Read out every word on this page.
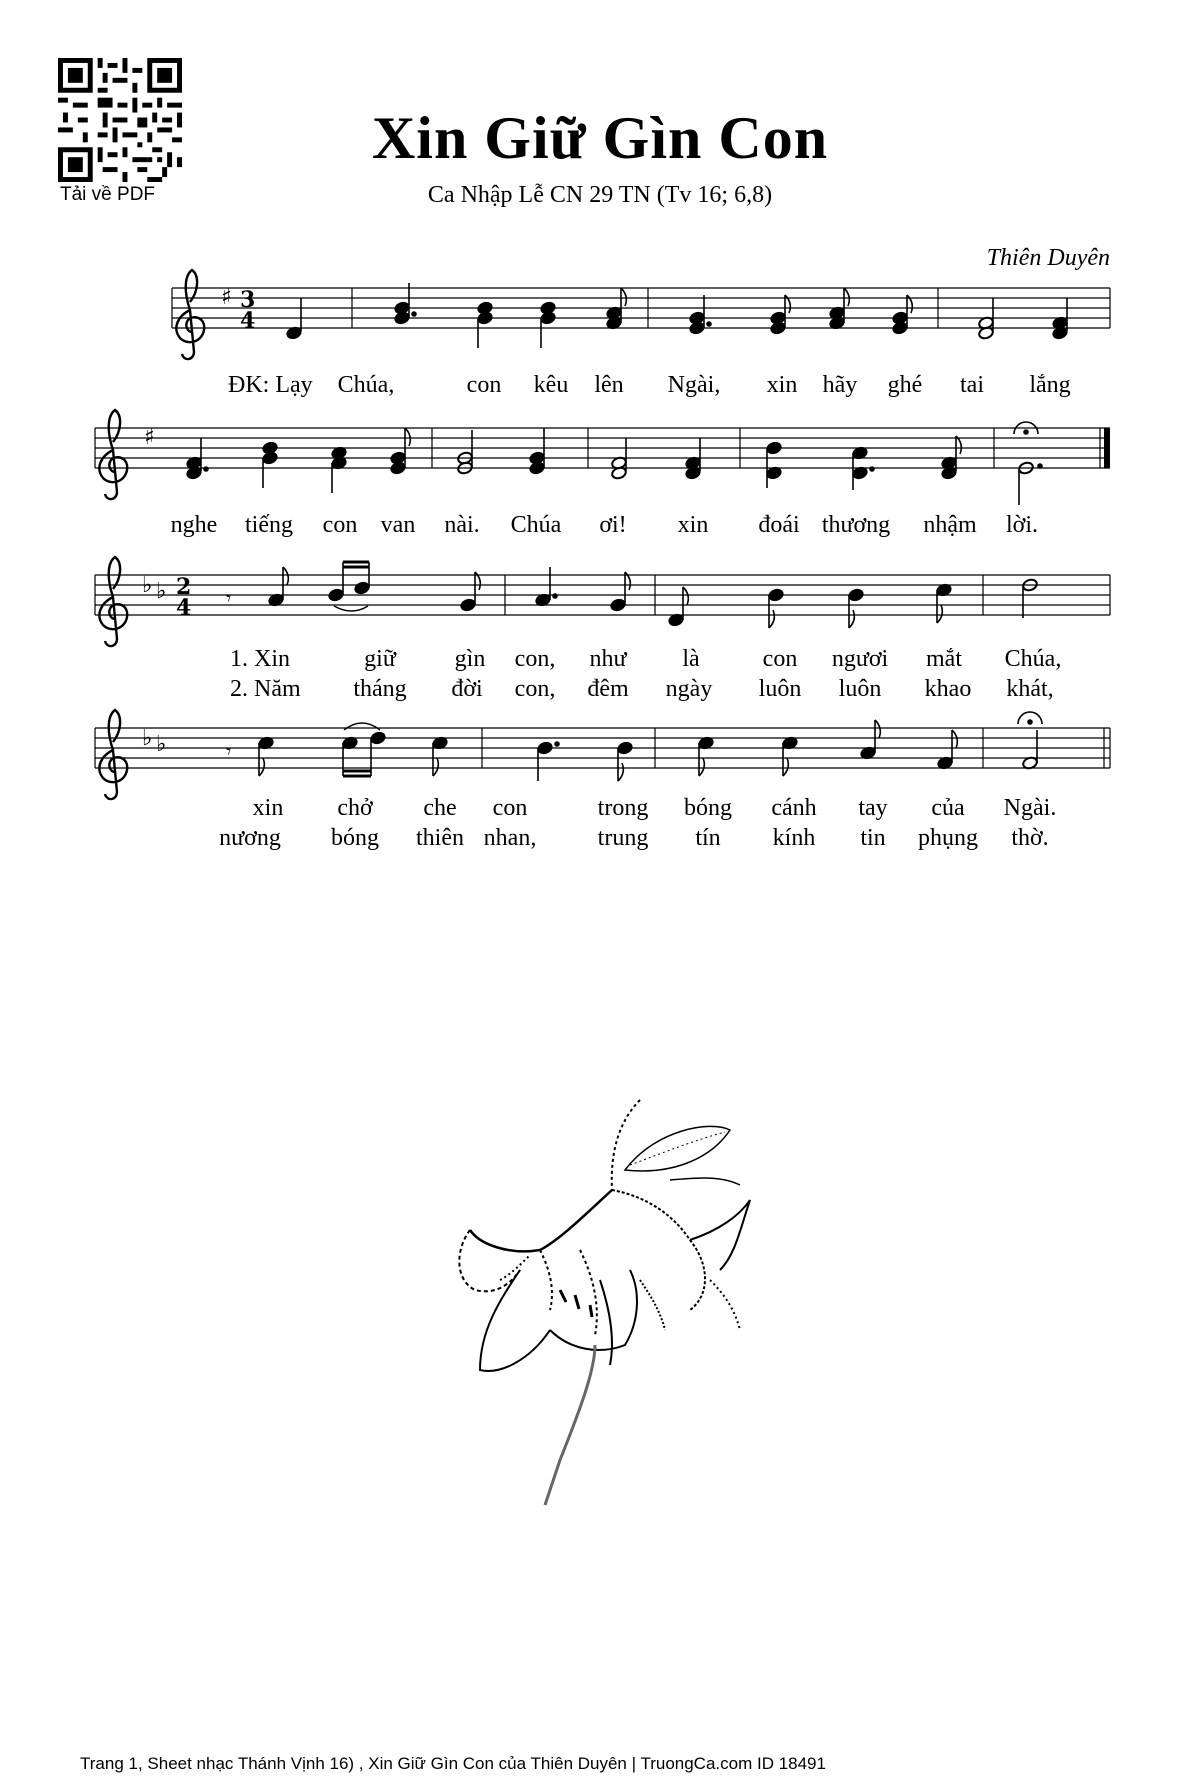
Tải về PDF
Xin Giữ Gìn Con
Ca Nhập Lễ CN 29 TN (Tv 16; 6,8)
Thiên Duyên
♯ 3
4
♯
♭ ♭ 2
4 𝄾
♭ ♭	𝄾
ĐK: Lạy Chúa,	con kêu lên Ngài, xin hãy ghé tai lắng
nghe tiếng con van nài. Chúa ơi! xin đoái thương nhậm lời.
1. Xin	giữ gìn con, như là	con ngươi mắt Chúa,
2. Năm tháng đời con, đêm ngày luôn luôn khao khát,
xin chở che con	trong bóng cánh tay của Ngài.
nương bóng thiên nhan,	trung tín kính tin phụng thờ.
Trang 1, Sheet nhạc Thánh Vịnh 16) , Xin Giữ Gìn Con của Thiên Duyên | TruongCa.com ID 18491
